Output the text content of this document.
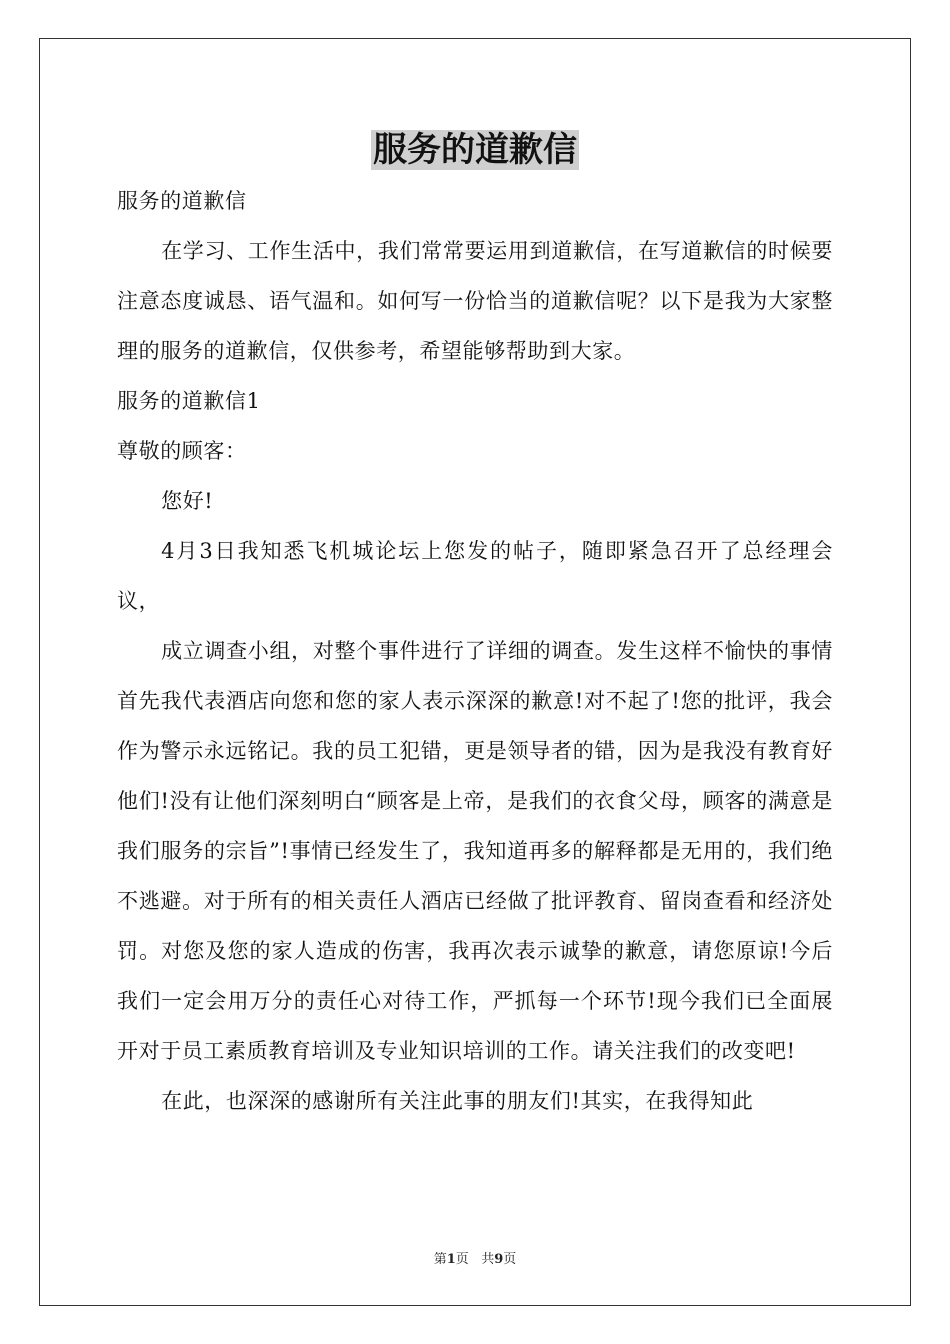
服务的道歉信

服务的道歉信

在学习、工作生活中，我们常常要运用到道歉信，在写道歉信的时候要注意态度诚恳、语气温和。如何写一份恰当的道歉信呢？以下是我为大家整理的服务的道歉信，仅供参考，希望能够帮助到大家。

服务的道歉信1

尊敬的顾客：

您好!

4月3日我知悉飞机城论坛上您发的帖子，随即紧急召开了总经理会议，

成立调查小组，对整个事件进行了详细的调查。发生这样不愉快的事情首先我代表酒店向您和您的家人表示深深的歉意!对不起了!您的批评，我会作为警示永远铭记。我的员工犯错，更是领导者的错，因为是我没有教育好他们!没有让他们深刻明白“顾客是上帝，是我们的衣食父母，顾客的满意是我们服务的宗旨”!事情已经发生了，我知道再多的解释都是无用的，我们绝不逃避。对于所有的相关责任人酒店已经做了批评教育、留岗查看和经济处罚。对您及您的家人造成的伤害，我再次表示诚挚的歉意，请您原谅!今后我们一定会用万分的责任心对待工作，严抓每一个环节!现今我们已全面展开对于员工素质教育培训及专业知识培训的工作。请关注我们的改变吧!

在此，也深深的感谢所有关注此事的朋友们!其实，在我得知此

第1页 共9页
